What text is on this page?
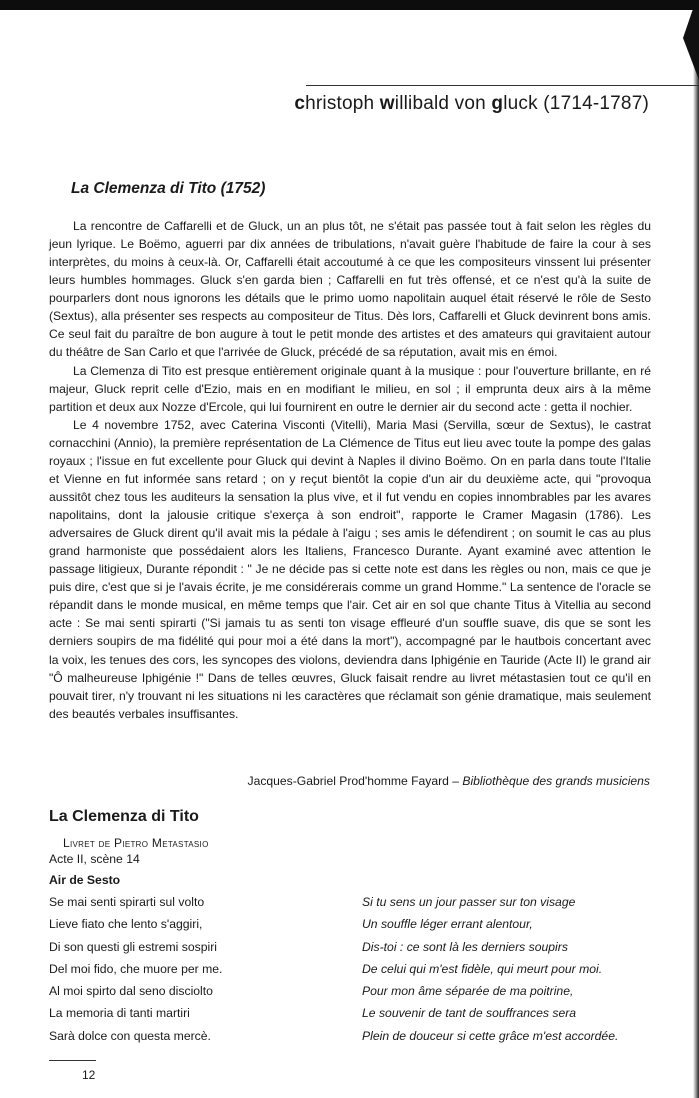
christoph willibald von gluck (1714-1787)
La Clemenza di Tito (1752)

La rencontre de Caffarelli et de Gluck, un an plus tôt, ne s'était pas passée tout à fait selon les règles du jeun lyrique. Le Boëmo, aguerri par dix années de tribulations, n'avait guère l'habitude de faire la cour à ses interprètes, du moins à ceux-là. Or, Caffarelli était accoutumé à ce que les compositeurs vinssent lui présenter leurs humbles hommages. Gluck s'en garda bien ; Caffarelli en fut très offensé, et ce n'est qu'à la suite de pourparlers dont nous ignorons les détails que le primo uomo napolitain auquel était réservé le rôle de Sesto (Sextus), alla présenter ses respects au compositeur de Titus. Dès lors, Caffarelli et Gluck devinrent bons amis. Ce seul fait du paraître de bon augure à tout le petit monde des artistes et des amateurs qui gravitaient autour du théâtre de San Carlo et que l'arrivée de Gluck, précédé de sa réputation, avait mis en émoi.

La Clemenza di Tito est presque entièrement originale quant à la musique : pour l'ouverture brillante, en ré majeur, Gluck reprit celle d'Ezio, mais en en modifiant le milieu, en sol ; il emprunta deux airs à la même partition et deux aux Nozze d'Ercole, qui lui fournirent en outre le dernier air du second acte : getta il nochier.

Le 4 novembre 1752, avec Caterina Visconti (Vitelli), Maria Masi (Servilla, sœur de Sextus), le castrat cornacchini (Annio), la première représentation de La Clémence de Titus eut lieu avec toute la pompe des galas royaux ; l'issue en fut excellente pour Gluck qui devint à Naples il divino Boëmo. On en parla dans toute l'Italie et Vienne en fut informée sans retard ; on y reçut bientôt la copie d'un air du deuxième acte, qui "provoqua aussitôt chez tous les auditeurs la sensation la plus vive, et il fut vendu en copies innombrables par les avares napolitains, dont la jalousie critique s'exerça à son endroit", rapporte le Cramer Magasin (1786). Les adversaires de Gluck dirent qu'il avait mis la pédale à l'aigu ; ses amis le défendirent ; on soumit le cas au plus grand harmoniste que possédaient alors les Italiens, Francesco Durante. Ayant examiné avec attention le passage litigieux, Durante répondit : " Je ne décide pas si cette note est dans les règles ou non, mais ce que je puis dire, c'est que si je l'avais écrite, je me considérerais comme un grand Homme." La sentence de l'oracle se répandit dans le monde musical, en même temps que l'air. Cet air en sol que chante Titus à Vitellia au second acte : Se mai senti spirarti ("Si jamais tu as senti ton visage effleuré d'un souffle suave, dis que se sont les derniers soupirs de ma fidélité qui pour moi a été dans la mort"), accompagné par le hautbois concertant avec la voix, les tenues des cors, les syncopes des violons, deviendra dans Iphigénie en Tauride (Acte II) le grand air "Ô malheureuse Iphigénie !" Dans de telles œuvres, Gluck faisait rendre au livret métastasien tout ce qu'il en pouvait tirer, n'y trouvant ni les situations ni les caractères que réclamait son génie dramatique, mais seulement des beautés verbales insuffisantes.

Jacques-Gabriel Prod'homme Fayard – Bibliothèque des grands musiciens
La Clemenza di Tito
Livret de Pietro Metastasio
Acte II, scène 14
Air de Sesto
Se mai senti spirarti sul volto
Lieve fiato che lento s'aggiri,
Di son questi gli estremi sospiri
Del moi fido, che muore per me.
Al moi spirto dal seno disciolto
La memoria di tanti martiri
Sarà dolce con questa mercè.
Si tu sens un jour passer sur ton visage
Un souffle léger errant alentour,
Dis-toi : ce sont là les derniers soupirs
De celui qui m'est fidèle, qui meurt pour moi.
Pour mon âme séparée de ma poitrine,
Le souvenir de tant de souffrances sera
Plein de douceur si cette grâce m'est accordée.
12
